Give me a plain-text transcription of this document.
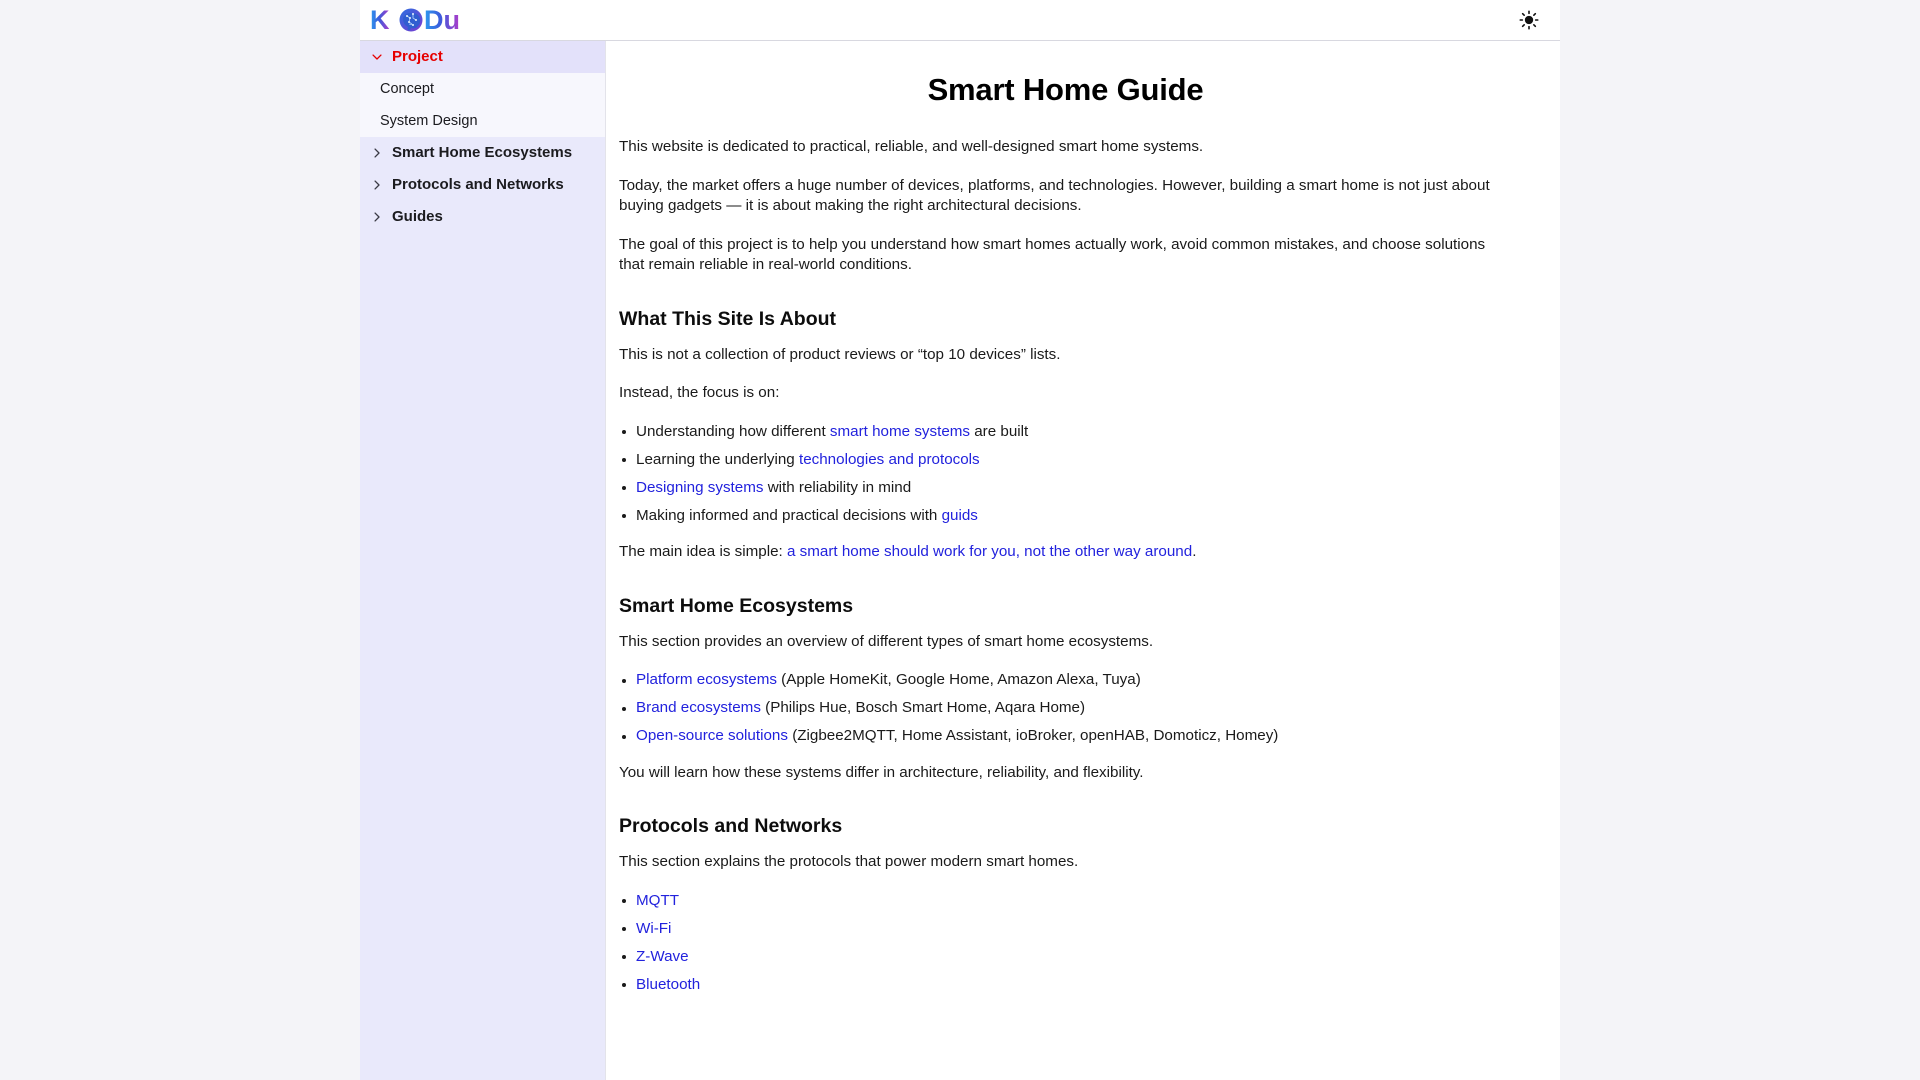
K Du
Project
Concept
System Design
Smart Home Ecosystems
Protocols and Networks
Guides
Smart Home Guide

This website is dedicated to practical, reliable, and well-designed smart home systems.

Today, the market offers a huge number of devices, platforms, and technologies. However, building a smart home is not just about buying gadgets — it is about making the right architectural decisions.

The goal of this project is to help you understand how smart homes actually work, avoid common mistakes, and choose solutions that remain reliable in real-world conditions.

What This Site Is About

This is not a collection of product reviews or “top 10 devices” lists.

Instead, the focus is on:

Understanding how different smart home systems are built
Learning the underlying technologies and protocols
Designing systems with reliability in mind
Making informed and practical decisions with guids

The main idea is simple: a smart home should work for you, not the other way around.

Smart Home Ecosystems

This section provides an overview of different types of smart home ecosystems.

Platform ecosystems (Apple HomeKit, Google Home, Amazon Alexa, Tuya)
Brand ecosystems (Philips Hue, Bosch Smart Home, Aqara Home)
Open-source solutions (Zigbee2MQTT, Home Assistant, ioBroker, openHAB, Domoticz, Homey)

You will learn how these systems differ in architecture, reliability, and flexibility.

Protocols and Networks

This section explains the protocols that power modern smart homes.

MQTT
Wi-Fi
Z-Wave
Bluetooth
